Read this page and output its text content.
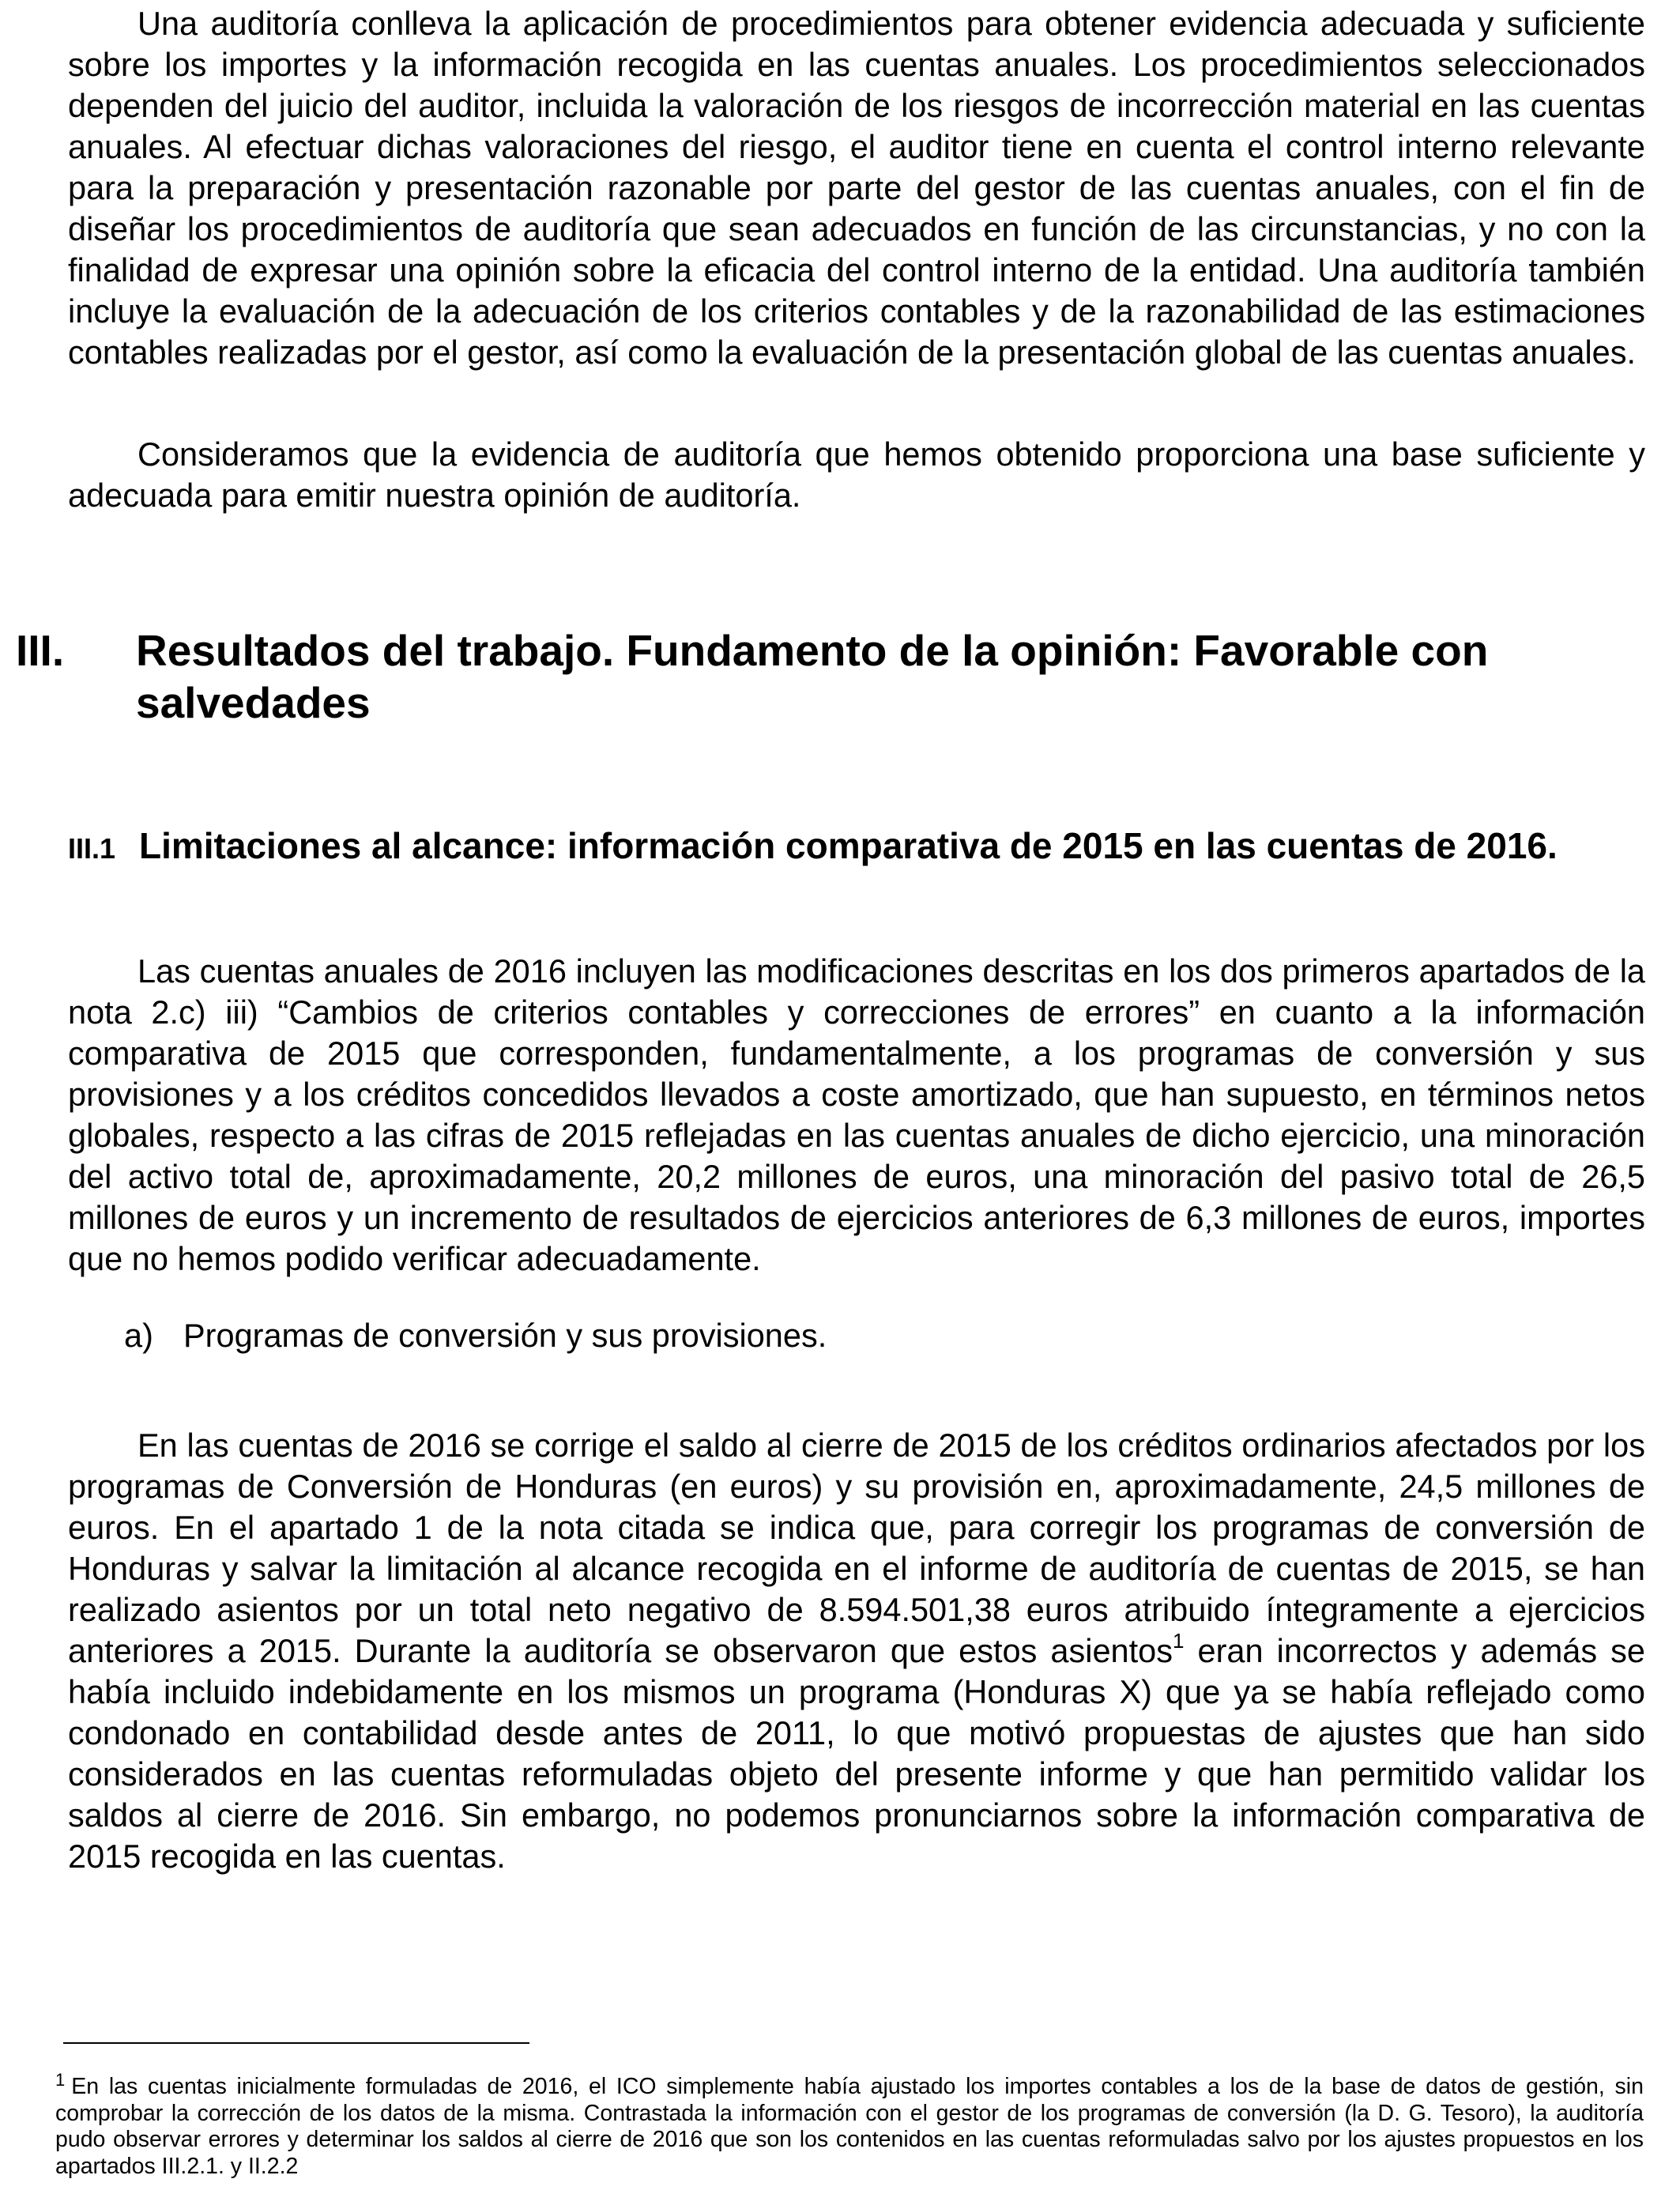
Una auditoría conlleva la aplicación de procedimientos para obtener evidencia adecuada y suficiente sobre los importes y la información recogida en las cuentas anuales. Los procedimientos seleccionados dependen del juicio del auditor, incluida la valoración de los riesgos de incorrección material en las cuentas anuales. Al efectuar dichas valoraciones del riesgo, el auditor tiene en cuenta el control interno relevante para la preparación y presentación razonable por parte del gestor de las cuentas anuales, con el fin de diseñar los procedimientos de auditoría que sean adecuados en función de las circunstancias, y no con la finalidad de expresar una opinión sobre la eficacia del control interno de la entidad. Una auditoría también incluye la evaluación de la adecuación de los criterios contables y de la razonabilidad de las estimaciones contables realizadas por el gestor, así como la evaluación de la presentación global de las cuentas anuales.

Consideramos que la evidencia de auditoría que hemos obtenido proporciona una base suficiente y adecuada para emitir nuestra opinión de auditoría.

III. Resultados del trabajo. Fundamento de la opinión: Favorable con salvedades
III.1 Limitaciones al alcance: información comparativa de 2015 en las cuentas de 2016.

Las cuentas anuales de 2016 incluyen las modificaciones descritas en los dos primeros apartados de la nota 2.c) iii) “Cambios de criterios contables y correcciones de errores” en cuanto a la información comparativa de 2015 que corresponden, fundamentalmente, a los programas de conversión y sus provisiones y a los créditos concedidos llevados a coste amortizado, que han supuesto, en términos netos globales, respecto a las cifras de 2015 reflejadas en las cuentas anuales de dicho ejercicio, una minoración del activo total de, aproximadamente, 20,2 millones de euros, una minoración del pasivo total de 26,5 millones de euros y un incremento de resultados de ejercicios anteriores de 6,3 millones de euros, importes que no hemos podido verificar adecuadamente.

a) Programas de conversión y sus provisiones.

En las cuentas de 2016 se corrige el saldo al cierre de 2015 de los créditos ordinarios afectados por los programas de Conversión de Honduras (en euros) y su provisión en, aproximadamente, 24,5 millones de euros. En el apartado 1 de la nota citada se indica que, para corregir los programas de conversión de Honduras y salvar la limitación al alcance recogida en el informe de auditoría de cuentas de 2015, se han realizado asientos por un total neto negativo de 8.594.501,38 euros atribuido íntegramente a ejercicios anteriores a 2015. Durante la auditoría se observaron que estos asientos$^1$ eran incorrectos y además se había incluido indebidamente en los mismos un programa (Honduras X) que ya se había reflejado como condonado en contabilidad desde antes de 2011, lo que motivó propuestas de ajustes que han sido considerados en las cuentas reformuladas objeto del presente informe y que han permitido validar los saldos al cierre de 2016. Sin embargo, no podemos pronunciarnos sobre la información comparativa de 2015 recogida en las cuentas.

$^1$ En las cuentas inicialmente formuladas de 2016, el ICO simplemente había ajustado los importes contables a los de la base de datos de gestión, sin comprobar la corrección de los datos de la misma. Contrastada la información con el gestor de los programas de conversión (la D. G. Tesoro), la auditoría pudo observar errores y determinar los saldos al cierre de 2016 que son los contenidos en las cuentas reformuladas salvo por los ajustes propuestos en los apartados III.2.1. y II.2.2
